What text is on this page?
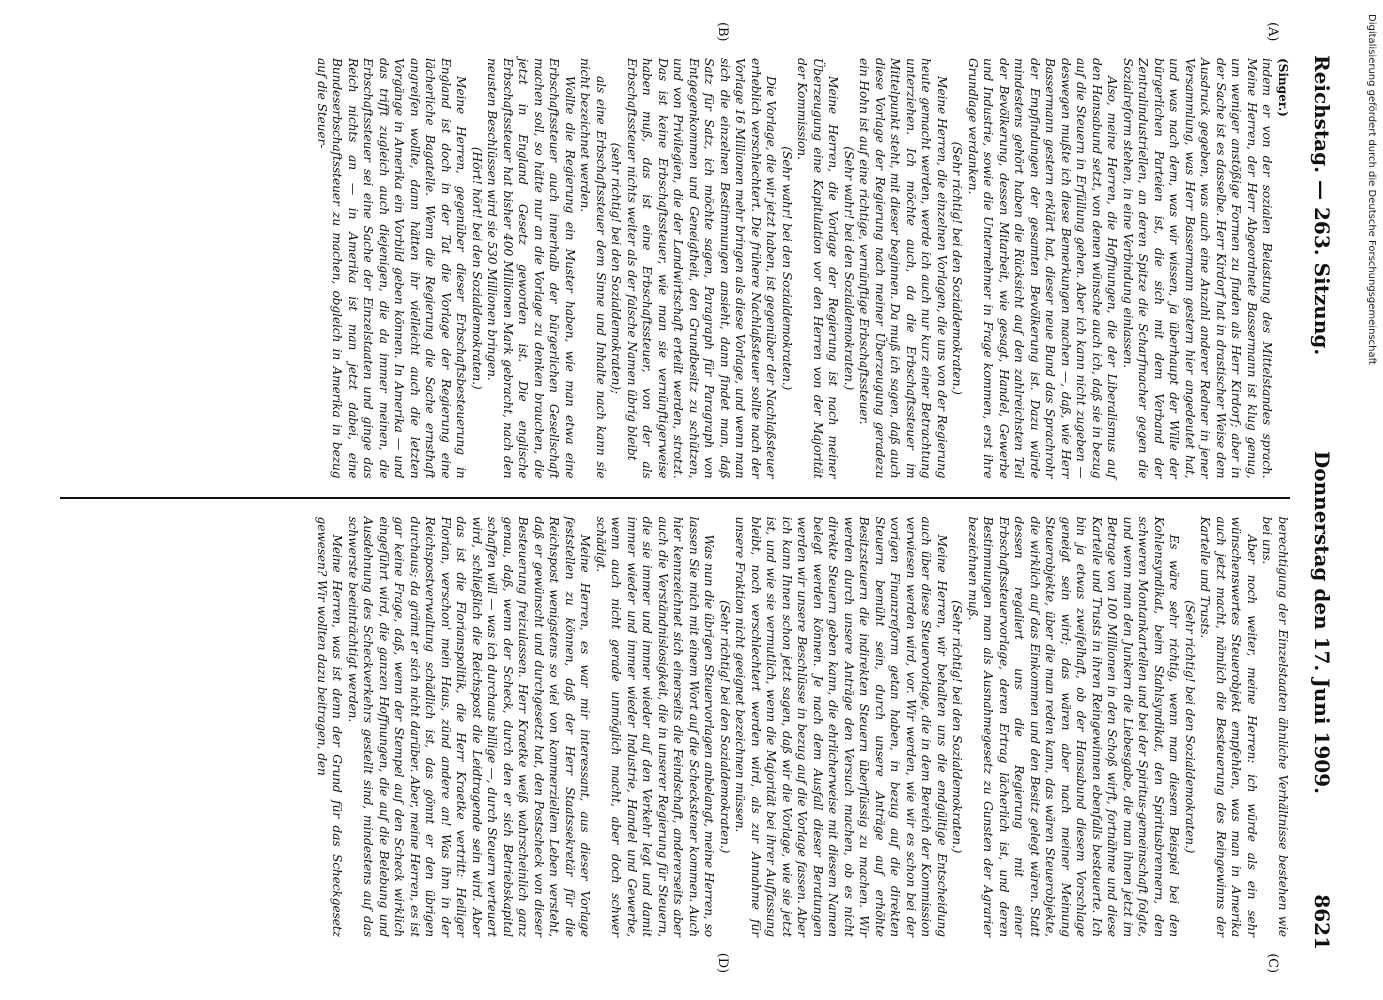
Reichstag. — 263. Sitzung.
Donnerstag den 17. Juni 1909.
8621
(A)
(B)

(Singer.)

indem er von der sozialen Belastung des Mittelstandes sprach. Meine Herren, der Herr Abgeordnete Bassermann ist klug genug, um weniger anstößige Formen zu finden als Herr Kirdorf; aber in der Sache ist es dasselbe. Herr Kirdorf hat in drastischer Weise dem Ausdruck gegeben, was auch eine Anzahl anderer Redner in jener Versammlung, was Herr Bassermann gestern hier angedeutet hat, und was nach dem, was wir wissen, ja überhaupt der Wille der bürgerlichen Parteien ist, die sich mit dem Verband der Zentralindustriellen, an deren Spitze die Scharfmacher gegen die Sozialreform stehen, in eine Verbindung einlassen.

Also, meine Herren, die Hoffnungen, die der Liberalismus auf den Hansabund setzt, von denen wünsche auch ich, daß sie in bezug auf die Steuern in Erfüllung gehen. Aber ich kann nicht zugeben — deswegen mußte ich diese Bemerkungen machen —, daß, wie Herr Bassermann gestern erklärt hat, dieser neue Bund das Sprachrohr der Empfindungen der gesamten Bevölkerung ist. Dazu würde mindestens gehört haben die Rücksicht auf den zahlreichsten Teil der Bevölkerung, dessen Mitarbeit, wie gesagt, Handel, Gewerbe und Industrie, sowie die Unternehmer in Frage kommen, erst ihre Grundlage verdanken.

(Sehr richtig! bei den Sozialdemokraten.)

Meine Herren, die einzelnen Vorlagen, die uns von der Regierung heute gemacht werden, werde ich auch nur kurz einer Betrachtung unterziehen. Ich möchte auch, da die Erbschaftssteuer im Mittelpunkt steht, mit dieser beginnen. Da muß ich sagen, daß auch diese Vorlage der Regierung nach meiner Überzeugung geradezu ein Hohn ist auf eine richtige, vernünftige Erbschaftssteuer.

(Sehr wahr! bei den Sozialdemokraten.)

Meine Herren, die Vorlage der Regierung ist nach meiner Überzeugung eine Kapitulation vor den Herren von der Majorität der Kommission.

(Sehr wahr! bei den Sozialdemokraten.)

Die Vorlage, die wir jetzt haben, ist gegenüber der Nachlaßsteuer erheblich verschlechtert. Die frühere Nachlaßsteuer sollte nach der Vorlage 16 Millionen mehr bringen als diese Vorlage, und wenn man sich die einzelnen Bestimmungen ansieht, dann findet man, daß Satz für Satz, ich möchte sagen, Paragraph für Paragraph von Entgegenkommen und Geneigtheit, den Grundbesitz zu schützen, und von Privilegien, die der Landwirtschaft erteilt werden, strotzt. Das ist keine Erbschaftssteuer, wie man sie vernünftigerweise haben muß, das ist eine Erbschaftssteuer, von der als Erbschaftssteuer nichts weiter als der falsche Namen übrig bleibt

(sehr richtig! bei den Sozialdemokraten);

als eine Erbschaftssteuer dem Sinne und Inhalte nach kann sie nicht bezeichnet werden.

Wollte die Regierung ein Muster haben, wie man etwa eine Erbschaftssteuer auch innerhalb der bürgerlichen Gesellschaft machen soll, so hätte nur an die Vorlage zu denken brauchen, die jetzt in England Gesetz geworden ist. Die englische Erbschaftssteuer hat bisher 400 Millionen Mark gebracht, nach den neusten Beschlüssen wird sie 530 Millionen bringen.

(Hört! hört! bei den Sozialdemokraten.)

Meine Herren, gegenüber dieser Erbschaftsbesteuerung in England ist doch in der Tat die Vorlage der Regierung eine lächerliche Bagatelle. Wenn die Regierung die Sache ernsthaft angreifen wollte, dann hätten ihr vielleicht auch die letzten Vorgänge in Amerika ein Vorbild geben können. In Amerika — und das trifft zugleich auch diejenigen, die da immer meinen, die Erbschaftssteuer sei eine Sache der Einzelstaaten und ginge das Reich nichts an — in Amerika ist man jetzt dabei, eine Bundeserbschaftssteuer zu machen, obgleich in Amerika in bezug auf die Steuer-

(C)
(D)

berechtigung der Einzelstaaten ähnliche Verhältnisse bestehen wie bei uns.

Aber noch weiter, meine Herren: ich würde als ein sehr wünschenswertes Steuerobjekt empfehlen, was man in Amerika auch jetzt macht, nämlich die Besteuerung des Reingewinns der Kartelle und Trusts.

(Sehr richtig! bei den Sozialdemokraten.)

Es wäre sehr richtig, wenn man diesem Beispiel bei den Kohlensyndikat, beim Stahlsyndikat, den Spiritusbrennern, den schweren Montankartellen und bei der Spiritus-gemeinschaft folgte, und wenn man den Junkern die Liebesgabe, die man ihnen jetzt im Betrage von 100 Millionen in den Schoß wirft, fortnähme und diese Kartelle und Trusts in ihren Reingewinnen ebenfalls besteuerte. Ich bin ja etwas zweifelhaft, ob der Hansabund diesem Vorschlage geneigt sein wird; das wären aber nach meiner Meinung Steuerobjekte, über die man reden kann, das wären Steuerobjekte, die wirklich auf das Einkommen und den Besitz gelegt wären. Statt dessen regaliert uns die Regierung mit einer Erbschaftssteuervorlage, deren Ertrag lächerlich ist, und deren Bestimmungen man als Ausnahmegesetz zu Gunsten der Agrarier bezeichnen muß.

(Sehr richtig! bei den Sozialdemokraten.)

Meine Herren, wir behalten uns die endgültige Entscheidung auch über diese Steuervorlage, die in dem Bereich der Kommission verwiesen werden wird, vor. Wir werden, wie wir es schon bei der vorigen Finanzreform getan haben, in bezug auf die direkten Steuern bemüht sein, durch unsere Anträge auf erhöhte Besitzsteuern die indirekten Steuern überflüssig zu machen. Wir werden durch unsere Anträge den Versuch machen, ob es nicht direkte Steuern geben kann, die ehrlicherweise mit diesem Namen belegt werden können. Je nach dem Ausfall dieser Beratungen werden wir unsere Beschlüsse in bezug auf die Vorlage fassen. Aber ich kann Ihnen schon jetzt sagen, daß wir die Vorlage, wie sie jetzt ist, und wie sie vermutlich, wenn die Majorität bei ihrer Auffassung bleibt, noch verschlechtert werden wird, als zur Annahme für unsere Fraktion nicht geeignet bezeichnen müssen.

(Sehr richtig! bei den Sozialdemokraten.)

Was nun die übrigen Steuervorlagen anbelangt, meine Herren, so lassen Sie mich mit einem Wort auf die Scheckstener kommen. Auch hier kennzeichnet sich einerseits die Feindschaft, andererseits aber auch die Verständnislosigkeit, die in unserer Regierung für Steuern, die sie immer und immer wieder auf den Verkehr legt und damit immer wieder und immer wieder Industrie, Handel und Gewerbe, wenn auch nicht gerade unmöglich macht, aber doch schwer schädigt.

Meine Herren, es war mir interessant, aus dieser Vorlage feststellen zu können, daß der Herr Staatssekretär für die Reichspost wenigstens so viel von kommerziellem Leben versteht, daß er gewünscht und durchgesetzt hat, den Postscheck von dieser Besteuerung freizulassen. Herr Kraetke weiß wahrscheinlich ganz genau, daß, wenn der Scheck, durch den er sich Betriebskapital schaffen will — was ich durchaus billige —, durch Steuern verteuert wird, schließlich die Reichspost die Leidtragende sein wird. Aber das ist die Florianspolitik, die Herr Kraetke vertritt: Heiliger Florian, verschon' mein Haus, zünd andere an! Was ihm in der Reichspostverwaltung schädlich ist, das gönnt er den übrigen durchaus; da grämt er sich nicht darüber. Aber, meine Herren, es ist gar keine Frage, daß, wenn der Stempel auf den Scheck wirklich eingeführt wird, die ganzen Hoffnungen, die auf die Belebung und Ausdehnung des Scheckverkehrs gestellt sind, mindestens auf das schwerste beeinträchtigt werden.

Meine Herren, was ist denn der Grund für das Scheckgesetz gewesen? Wir wollten dazu beitragen, den

Digitalisierung gefördert durch die Deutsche Forschungsgemeinschaft
